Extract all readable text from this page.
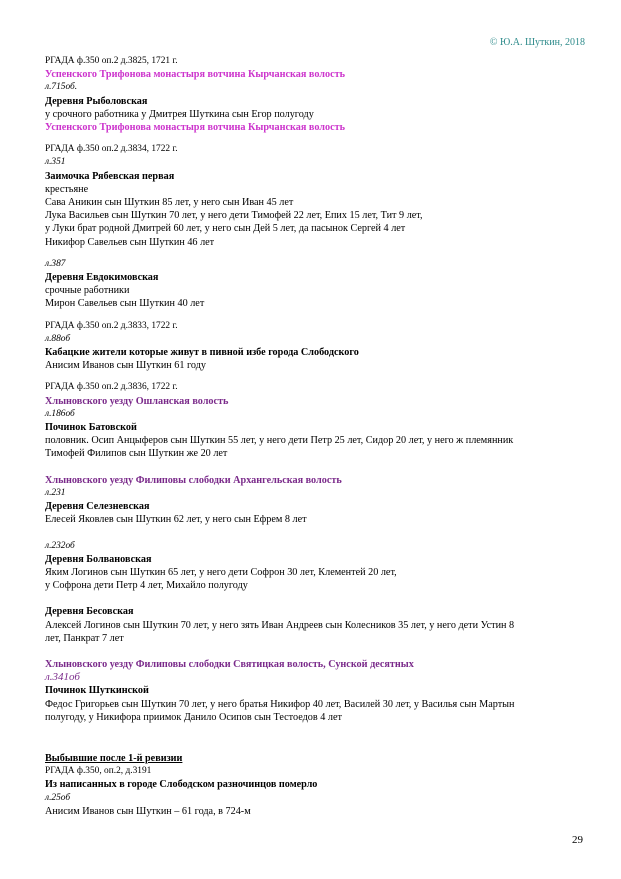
© Ю.А. Шуткин, 2018
РГАДА ф.350 оп.2 д.3825, 1721 г.
Успенского Трифонова монастыря вотчина Кырчанская волость
л.715об.
Деревня Рыболовская
у срочного работника у Дмитрея Шуткина сын Егор полугоду
Успенского Трифонова монастыря вотчина Кырчанская волость
РГАДА ф.350 оп.2 д.3834, 1722 г.
л.351
Заимочка Рябевская первая
крестьяне
Сава Аникин сын Шуткин 85 лет, у него сын Иван 45 лет
Лука Васильев сын Шуткин 70 лет, у него дети Тимофей 22 лет, Епих 15 лет, Тит 9 лет,
у Луки брат родной Дмитрей 60 лет, у него сын Дей 5 лет, да пасынок Сергей 4 лет
Никифор Савельев сын Шуткин 46 лет
л.387
Деревня Евдокимовская
срочные работники
Мирон Савельев сын Шуткин 40 лет
РГАДА ф.350 оп.2 д.3833, 1722 г.
л.88об
Кабацкие жители которые живут в пивной избе города Слободского
Анисим Иванов сын Шуткин 61 году
РГАДА ф.350 оп.2 д.3836, 1722 г.
Хлыновского уезду Ошланская волость
л.186об
Починок Батовской
половник. Осип Анцыферов сын Шуткин 55 лет, у него дети Петр 25 лет, Сидор 20 лет, у него ж племянник
Тимофей Филипов сын Шуткин же 20 лет
Хлыновского уезду Филиповы слободки Архангельская волость
л.231
Деревня Селезневская
Елесей Яковлев сын Шуткин 62 лет, у него сын Ефрем 8 лет
л.232об
Деревня Болвановская
Яким Логинов сын Шуткин 65 лет, у него дети Софрон 30 лет, Клементей 20 лет,
у Софрона дети Петр 4 лет, Михайло полугоду
Деревня Бесовская
Алексей Логинов сын Шуткин 70 лет, у него зять Иван Андреев сын Колесников 35 лет, у него дети Устин 8
лет, Панкрат 7 лет
Хлыновского уезду Филиповы слободки Святицкая волость, Сунской десятных
л.341об
Починок Шуткинской
Федос Григорьев сын Шуткин 70 лет, у него братья Никифор 40 лет, Василей 30 лет, у Василья сын Мартын
полугоду, у Никифора приимок Данило Осипов сын Тестоедов 4 лет
Выбывшие после 1-й ревизии
РГАДА ф.350, оп.2, д.3191
Из написанных в городе Слободском разночинцов померло
л.25об
Анисим Иванов сын Шуткин – 61 года, в 724-м
29
